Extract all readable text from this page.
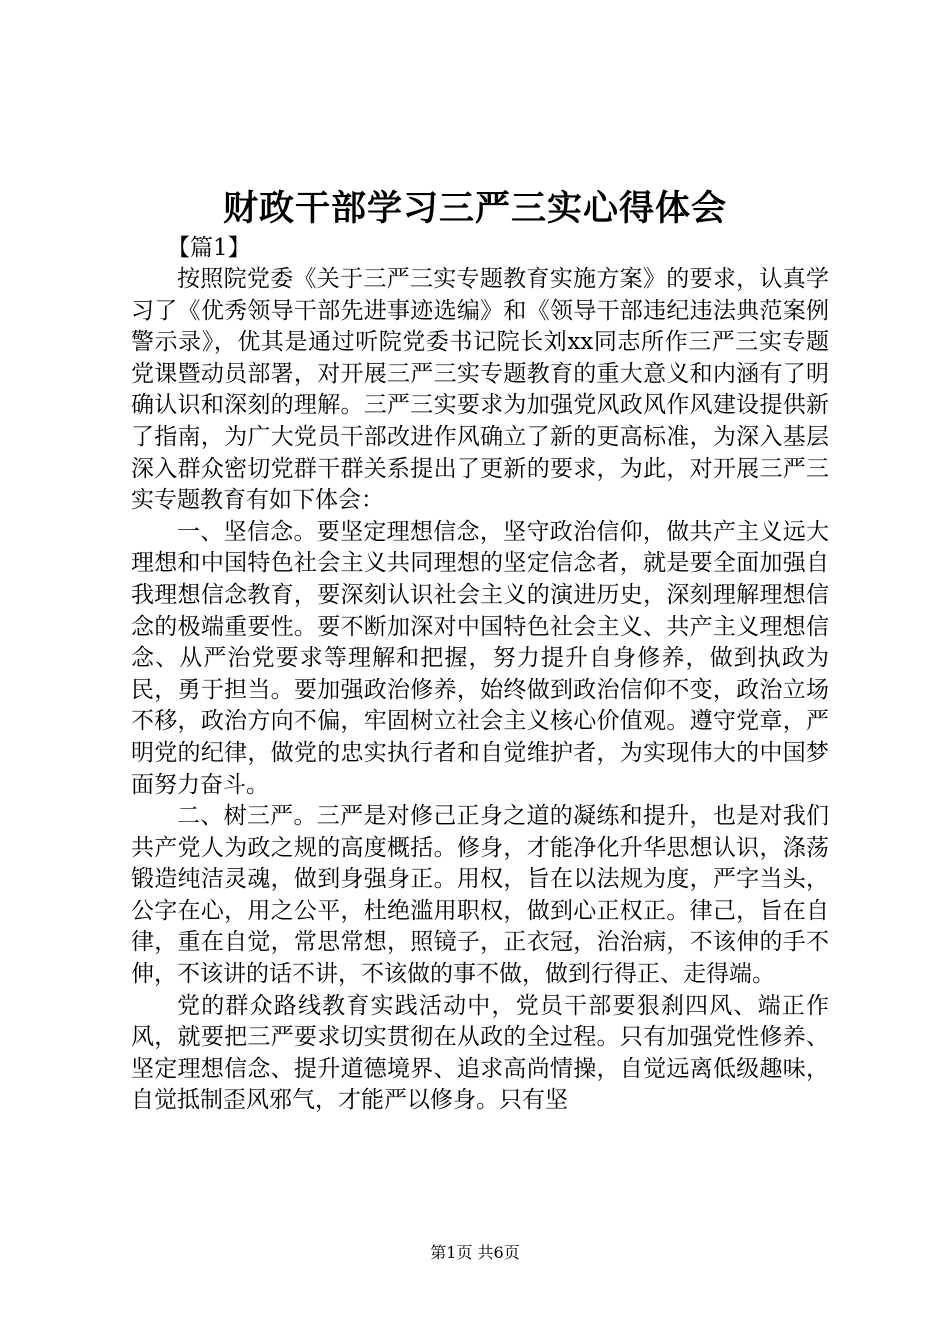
财政干部学习三严三实心得体会

【篇1】

按照院党委《关于三严三实专题教育实施方案》的要求，认真学习了《优秀领导干部先进事迹选编》和《领导干部违纪违法典范案例警示录》，优其是通过听院党委书记院长刘xx同志所作三严三实专题党课暨动员部署，对开展三严三实专题教育的重大意义和内涵有了明确认识和深刻的理解。三严三实要求为加强党风政风作风建设提供新了指南，为广大党员干部改进作风确立了新的更高标准，为深入基层深入群众密切党群干群关系提出了更新的要求，为此，对开展三严三实专题教育有如下体会：

一、坚信念。要坚定理想信念，坚守政治信仰，做共产主义远大理想和中国特色社会主义共同理想的坚定信念者，就是要全面加强自我理想信念教育，要深刻认识社会主义的演进历史，深刻理解理想信念的极端重要性。要不断加深对中国特色社会主义、共产主义理想信念、从严治党要求等理解和把握，努力提升自身修养，做到执政为民，勇于担当。要加强政治修养，始终做到政治信仰不变，政治立场不移，政治方向不偏，牢固树立社会主义核心价值观。遵守党章，严明党的纪律，做党的忠实执行者和自觉维护者，为实现伟大的中国梦面努力奋斗。

二、树三严。三严是对修己正身之道的凝练和提升，也是对我们共产党人为政之规的高度概括。修身，才能净化升华思想认识，涤荡锻造纯洁灵魂，做到身强身正。用权，旨在以法规为度，严字当头，公字在心，用之公平，杜绝滥用职权，做到心正权正。律己，旨在自律，重在自觉，常思常想，照镜子，正衣冠，治治病，不该伸的手不伸，不该讲的话不讲，不该做的事不做，做到行得正、走得端。

党的群众路线教育实践活动中，党员干部要狠刹四风、端正作风，就要把三严要求切实贯彻在从政的全过程。只有加强党性修养、坚定理想信念、提升道德境界、追求高尚情操，自觉远离低级趣味，自觉抵制歪风邪气，才能严以修身。只有坚

第1页 共6页
